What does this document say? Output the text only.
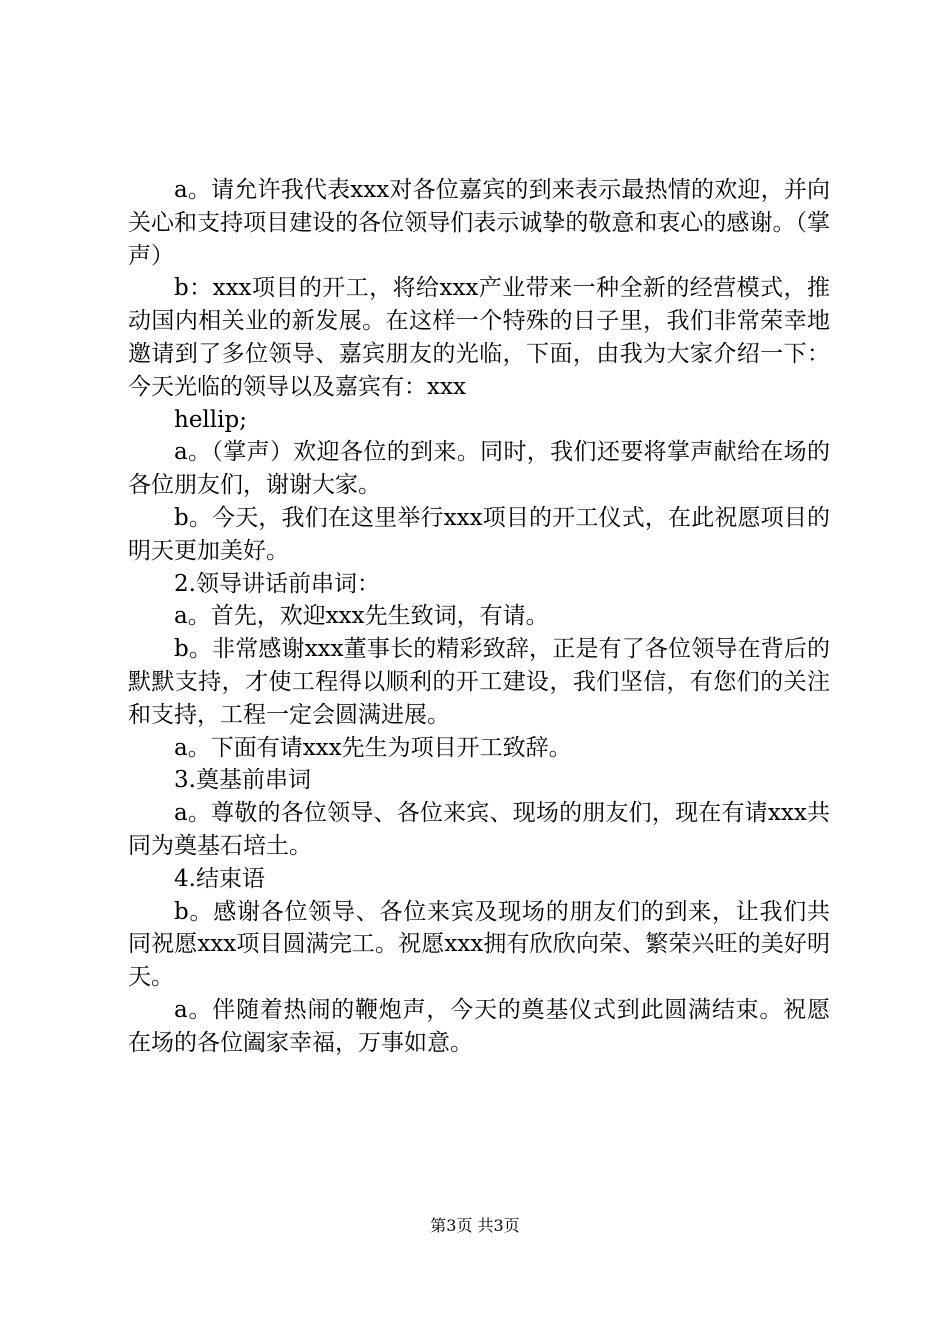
a。请允许我代表xxx对各位嘉宾的到来表示最热情的欢迎，并向关心和支持项目建设的各位领导们表示诚挚的敬意和衷心的感谢。（掌声）

b：xxx项目的开工，将给xxx产业带来一种全新的经营模式，推动国内相关业的新发展。在这样一个特殊的日子里，我们非常荣幸地邀请到了多位领导、嘉宾朋友的光临，下面，由我为大家介绍一下：今天光临的领导以及嘉宾有：xxx

hellip;

a。（掌声）欢迎各位的到来。同时，我们还要将掌声献给在场的各位朋友们，谢谢大家。

b。今天，我们在这里举行xxx项目的开工仪式，在此祝愿项目的明天更加美好。

2.领导讲话前串词：

a。首先，欢迎xxx先生致词，有请。

b。非常感谢xxx董事长的精彩致辞，正是有了各位领导在背后的默默支持，才使工程得以顺利的开工建设，我们坚信，有您们的关注和支持，工程一定会圆满进展。

a。下面有请xxx先生为项目开工致辞。

3.奠基前串词

a。尊敬的各位领导、各位来宾、现场的朋友们，现在有请xxx共同为奠基石培土。

4.结束语

b。感谢各位领导、各位来宾及现场的朋友们的到来，让我们共同祝愿xxx项目圆满完工。祝愿xxx拥有欣欣向荣、繁荣兴旺的美好明天。

a。伴随着热闹的鞭炮声，今天的奠基仪式到此圆满结束。祝愿在场的各位阖家幸福，万事如意。

第3页 共3页
